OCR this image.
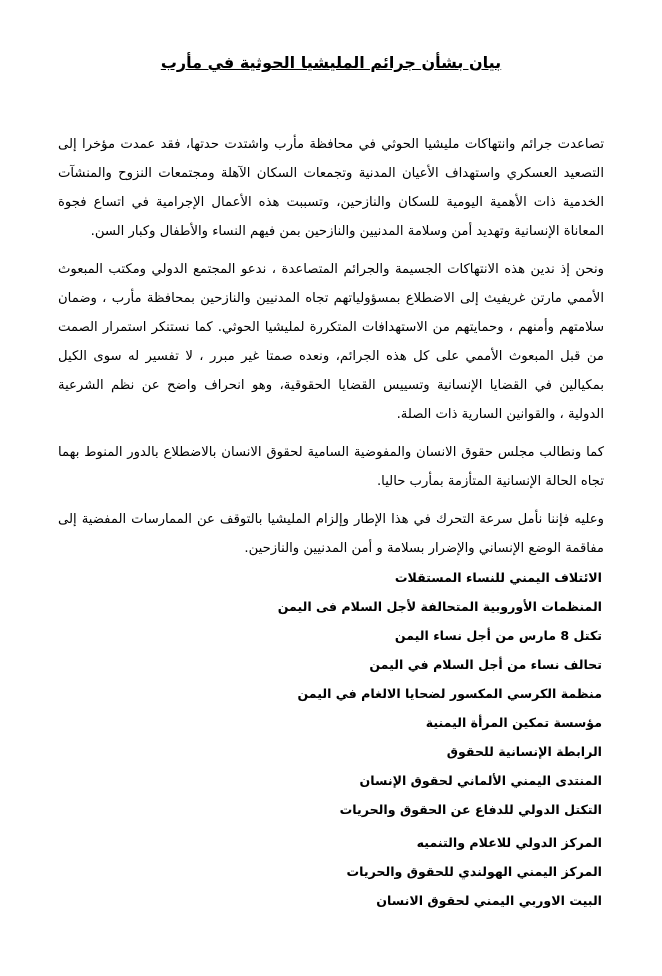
بيان بشأن جرائم المليشيا الحوثية في مأرب

تصاعدت جرائم وانتهاكات مليشيا الحوثي في محافظة مأرب واشتدت حدتها، فقد عمدت مؤخرا إلى التصعيد العسكري واستهداف الأعيان المدنية وتجمعات السكان الآهلة ومجتمعات النزوح والمنشآت الخدمية ذات الأهمية اليومية للسكان والنازحين، وتسببت هذه الأعمال الإجرامية في اتساع فجوة المعاناة الإنسانية وتهديد أمن وسلامة المدنيين والنازحين بمن فيهم النساء والأطفال وكبار السن.

ونحن إذ ندين هذه الانتهاكات الجسيمة والجرائم المتصاعدة ، ندعو المجتمع الدولي ومكتب المبعوث الأممي مارتن غريفيث إلى الاضطلاع بمسؤولياتهم تجاه المدنيين والنازحين بمحافظة مأرب ، وضمان سلامتهم وأمنهم ، وحمايتهم من الاستهدافات المتكررة لمليشيا الحوثي. كما نستنكر استمرار الصمت من قبل المبعوث الأممي على كل هذه الجرائم، ونعده صمتا غير مبرر ، لا تفسير له سوى الكيل بمكيالين في القضايا الإنسانية وتسييس القضايا الحقوقية، وهو انحراف واضح عن نظم الشرعية الدولية ، والقوانين السارية ذات الصلة.

كما ونطالب مجلس حقوق الانسان والمفوضية السامية لحقوق الانسان بالاضطلاع بالدور المنوط بهما تجاه الحالة الإنسانية المتأزمة بمأرب حاليا.

وعليه فإننا نأمل سرعة التحرك في هذا الإطار وإلزام المليشيا بالتوقف عن الممارسات المفضية إلى مفاقمة الوضع الإنساني والإضرار بسلامة و أمن المدنيين والنازحين.

الائتلاف اليمني للنساء المستقلات
المنظمات الأوروبية المتحالفة لأجل السلام فى اليمن
تكتل 8 مارس من أجل نساء اليمن
تحالف نساء من أجل السلام في اليمن
منظمة الكرسي المكسور لضحايا الالغام في اليمن
مؤسسة تمكين المرأة اليمنية
الرابطة الإنسانية للحقوق
المنتدى اليمني الألماني لحقوق الإنسان
التكتل الدولي للدفاع عن الحقوق والحريات
المركز الدولي للاعلام والتنميه
المركز اليمني الهولندي للحقوق والحريات
البيت الاوربي اليمني لحقوق الانسان
